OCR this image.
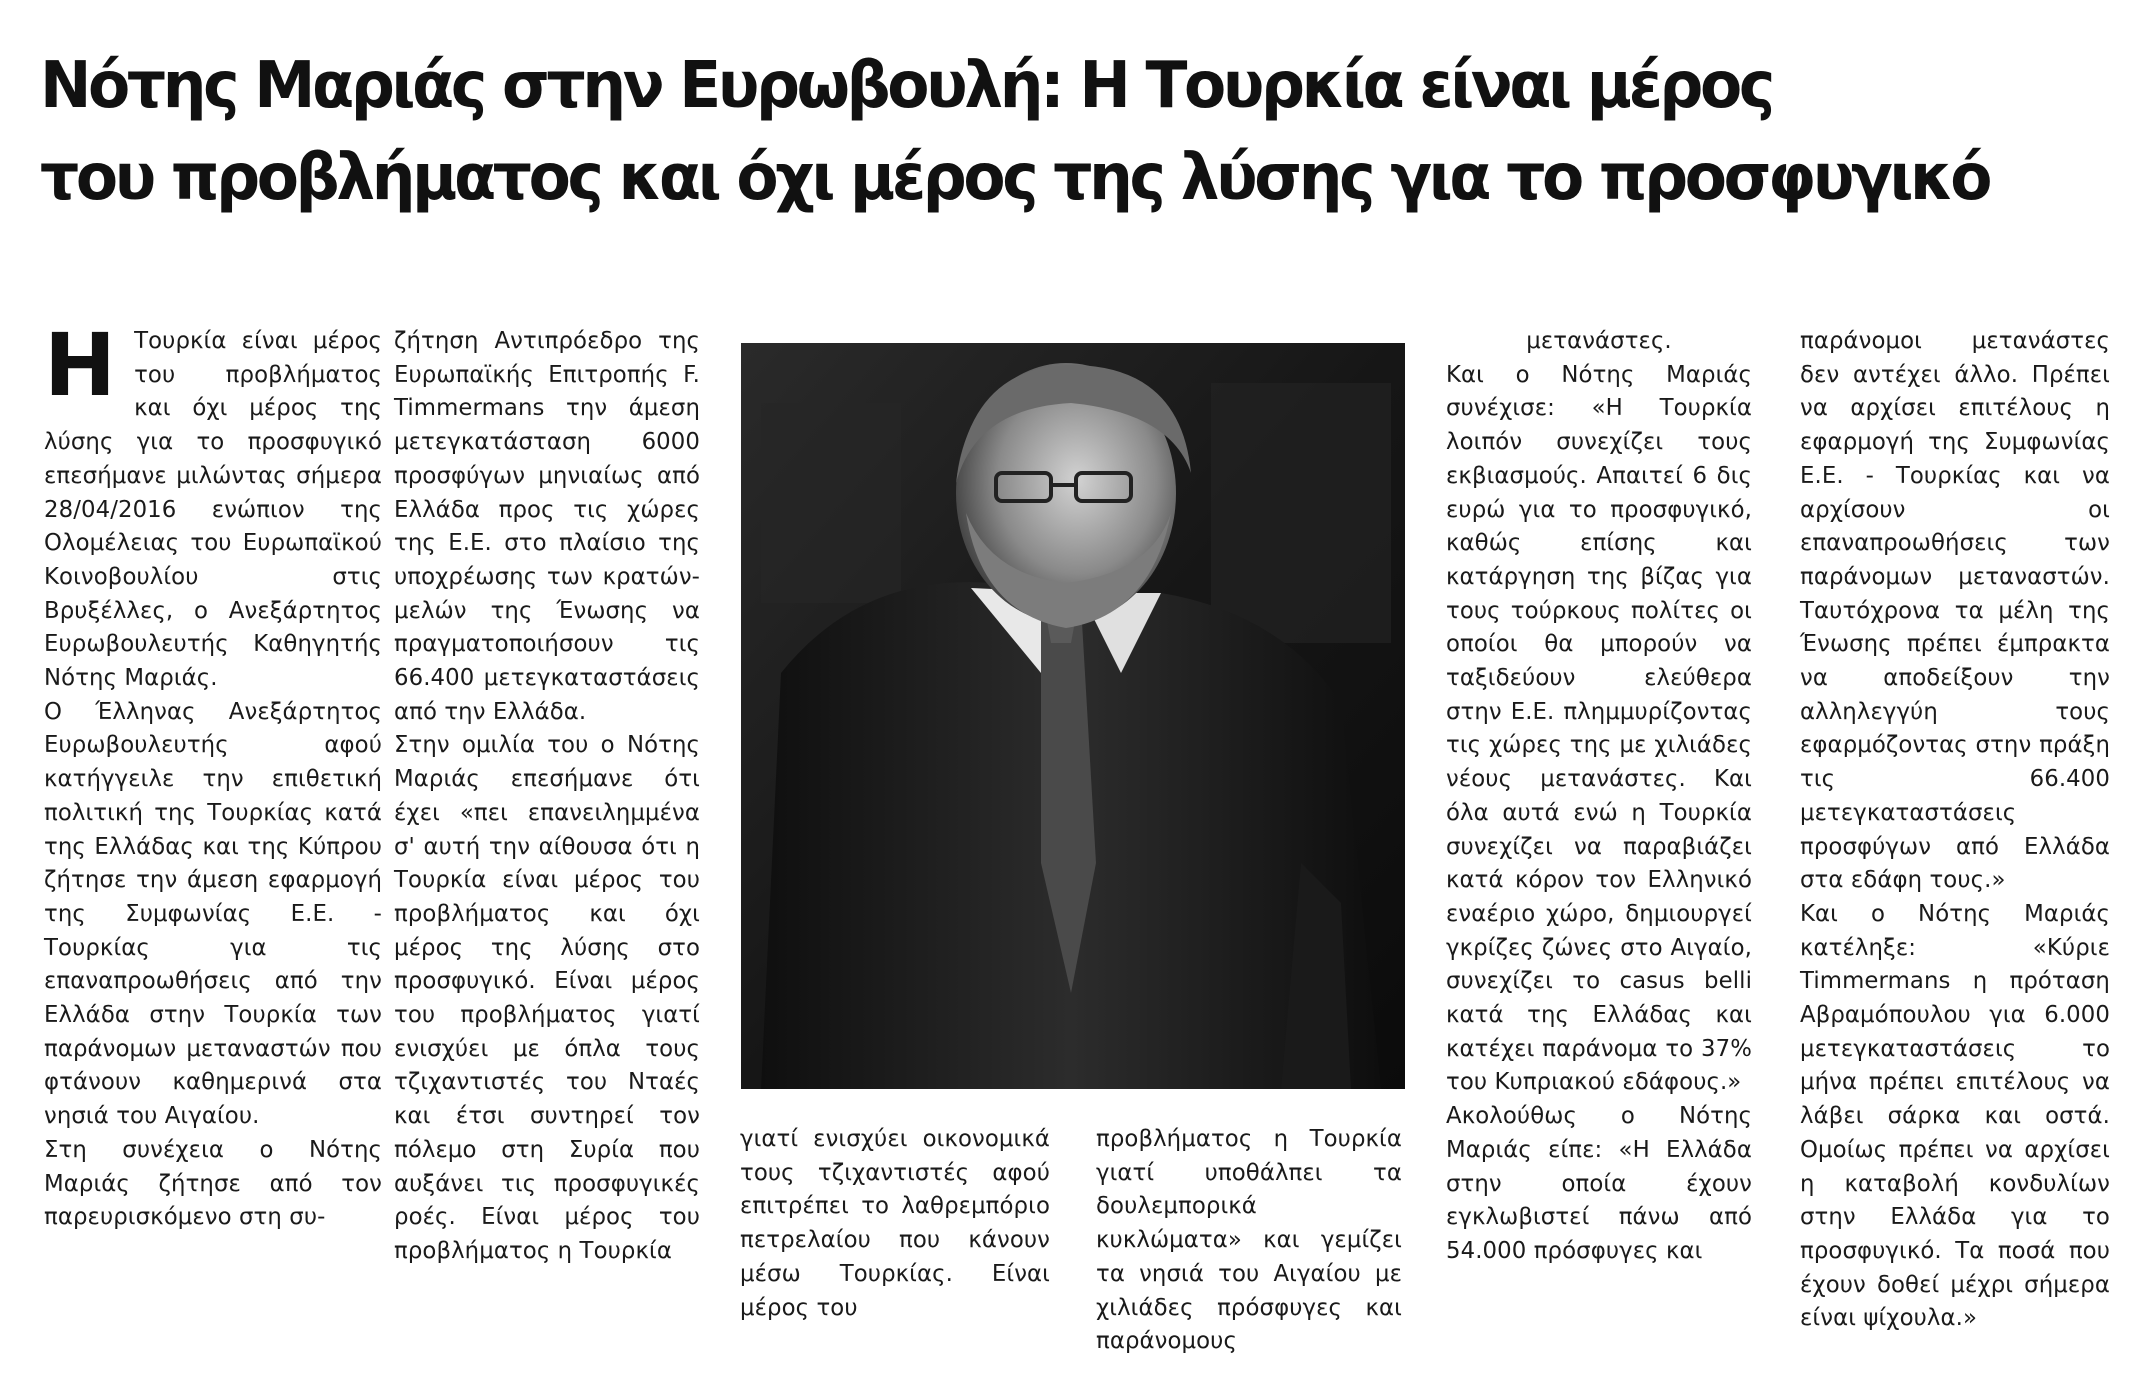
Νότης Μαριάς στην Ευρωβουλή: Η Τουρκία είναι μέρος
του προβλήματος και όχι μέρος της λύσης για το προσφυγικό

Η Τουρκία είναι μέρος του προβλήματος και όχι μέρος της λύσης για το προσφυγικό επεσήμανε μιλώντας σήμερα 28/04/2016 ενώπιον της Ολομέλειας του Ευρωπαϊκού Κοινοβουλίου στις Βρυξέλλες, ο Ανεξάρτητος Ευρωβουλευτής Καθηγητής Νότης Μαριάς.

Ο Έλληνας Ανεξάρτητος Ευρωβουλευτής αφού κατήγγειλε την επιθετική πολιτική της Τουρκίας κατά της Ελλάδας και της Κύπρου ζήτησε την άμεση εφαρμογή της Συμφωνίας Ε.Ε. - Τουρκίας για τις επαναπροωθήσεις από την Ελλάδα στην Τουρκία των παράνομων μεταναστών που φτάνουν καθημερινά στα νησιά του Αιγαίου.

Στη συνέχεια ο Νότης Μαριάς ζήτησε από τον παρευρισκόμενο στη συ-

ζήτηση Αντιπρόεδρο της Ευρωπαϊκής Επιτροπής F. Timmermans την άμεση μετεγκατάσταση 6000 προσφύγων μηνιαίως από Ελλάδα προς τις χώρες της Ε.Ε. στο πλαίσιο της υποχρέωσης των κρατών-μελών της Ένωσης να πραγματοποιήσουν τις 66.400 μετεγκαταστάσεις από την Ελλάδα.

Στην ομιλία του ο Νότης Μαριάς επεσήμανε ότι έχει «πει επανειλημμένα σ' αυτή την αίθουσα ότι η Τουρκία είναι μέρος του προβλήματος και όχι μέρος της λύσης στο προσφυγικό. Είναι μέρος του προβλήματος γιατί ενισχύει με όπλα τους τζιχαντιστές του Νταές και έτσι συντηρεί τον πόλεμο στη Συρία που αυξάνει τις προσφυγικές ροές. Είναι μέρος του προβλήματος η Τουρκία

γιατί ενισχύει οικονομικά τους τζιχαντιστές αφού επιτρέπει το λαθρεμπόριο πετρελαίου που κάνουν μέσω Τουρκίας. Είναι μέρος του

προβλήματος η Τουρκία γιατί υποθάλπει τα δουλεμπορικά κυκλώματα» και γεμίζει τα νησιά του Αιγαίου με χιλιάδες πρόσφυγες και παράνομους

μετανάστες.

Και ο Νότης Μαριάς συνέχισε: «Η Τουρκία λοιπόν συνεχίζει τους εκβιασμούς. Απαιτεί 6 δις ευρώ για το προσφυγικό, καθώς επίσης και κατάργηση της βίζας για τους τούρκους πολίτες οι οποίοι θα μπορούν να ταξιδεύουν ελεύθερα στην Ε.Ε. πλημμυρίζοντας τις χώρες της με χιλιάδες νέους μετανάστες. Και όλα αυτά ενώ η Τουρκία συνεχίζει να παραβιάζει κατά κόρον τον Ελληνικό εναέριο χώρο, δημιουργεί γκρίζες ζώνες στο Αιγαίο, συνεχίζει το casus belli κατά της Ελλάδας και κατέχει παράνομα το 37% του Κυπριακού εδάφους.»

Ακολούθως ο Νότης Μαριάς είπε: «Η Ελλάδα στην οποία έχουν εγκλωβιστεί πάνω από 54.000 πρόσφυγες και

παράνομοι μετανάστες δεν αντέχει άλλο. Πρέπει να αρχίσει επιτέλους η εφαρμογή της Συμφωνίας Ε.Ε. - Τουρκίας και να αρχίσουν οι επαναπροωθήσεις των παράνομων μεταναστών. Ταυτόχρονα τα μέλη της Ένωσης πρέπει έμπρακτα να αποδείξουν την αλληλεγγύη τους εφαρμόζοντας στην πράξη τις 66.400 μετεγκαταστάσεις προσφύγων από Ελλάδα στα εδάφη τους.»

Και ο Νότης Μαριάς κατέληξε: «Κύριε Timmermans η πρόταση Αβραμόπουλου για 6.000 μετεγκαταστάσεις το μήνα πρέπει επιτέλους να λάβει σάρκα και οστά. Ομοίως πρέπει να αρχίσει η καταβολή κονδυλίων στην Ελλάδα για το προσφυγικό. Τα ποσά που έχουν δοθεί μέχρι σήμερα είναι ψίχουλα.»
